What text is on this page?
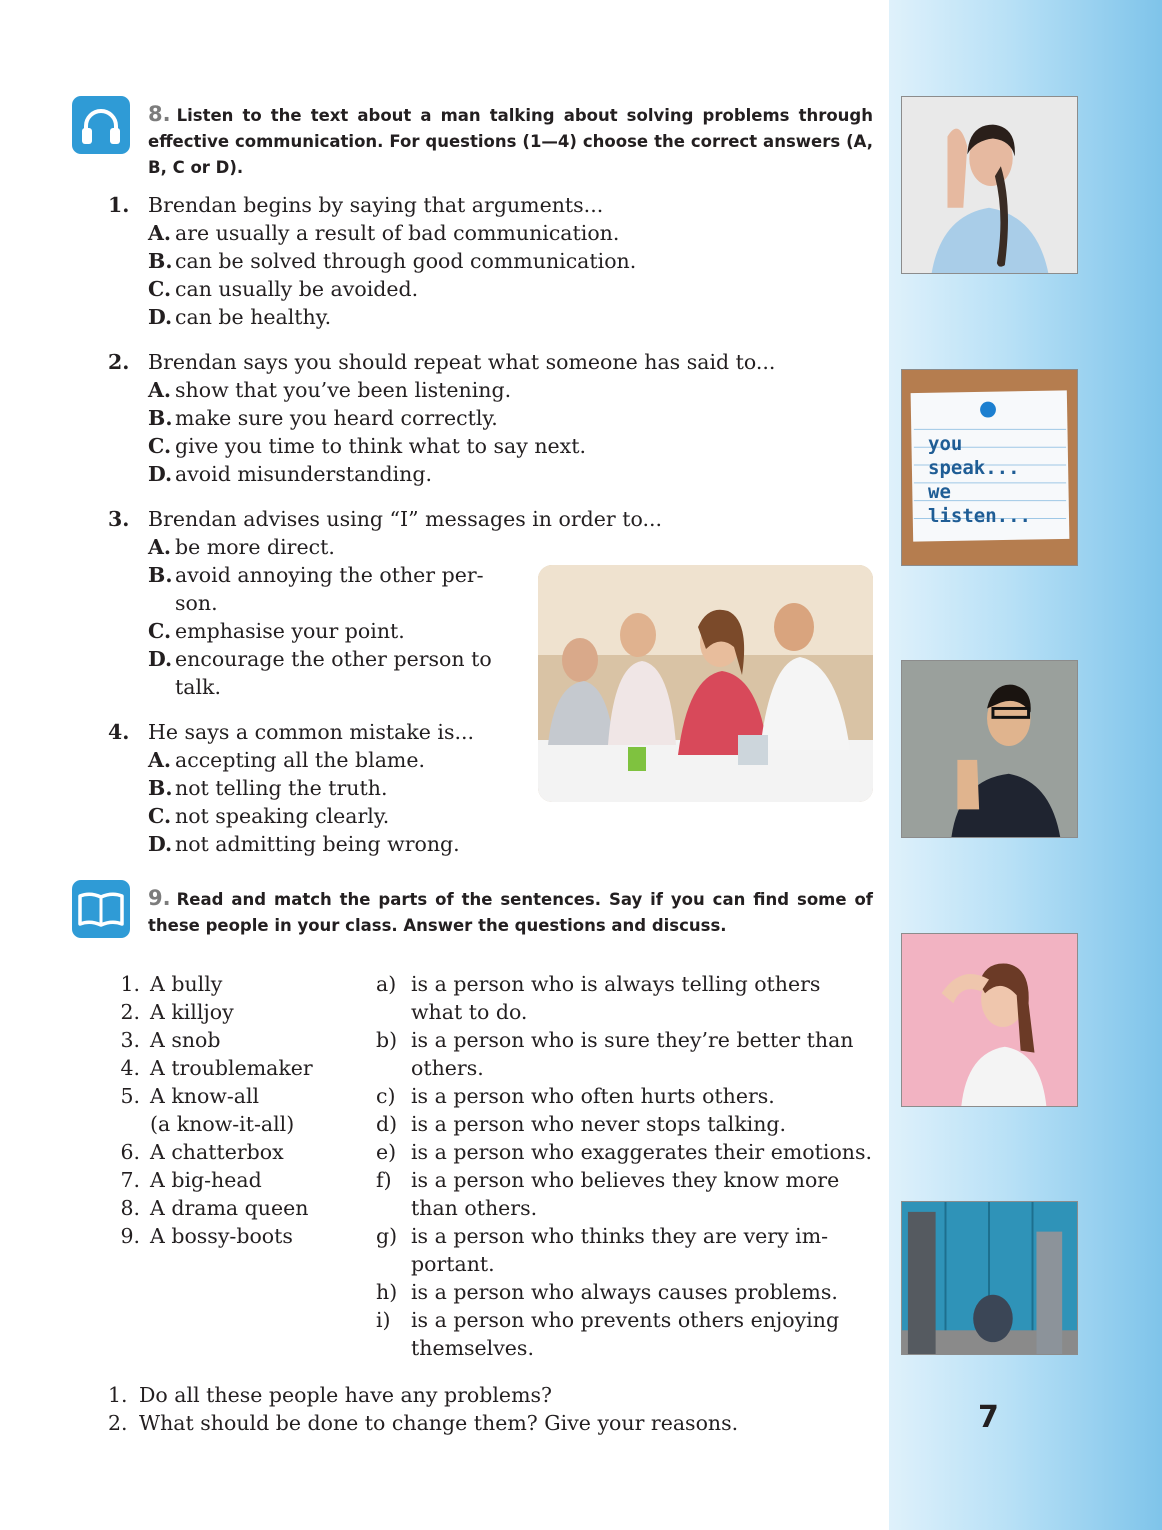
you
speak...
we
listen...
7
8. Listen to the text about a man talking about solving problems through effective communication. For questions (1—4) choose the correct answers (A, B, C or D).
1. Brendan begins by saying that arguments...
A. are usually a result of bad communication.
B. can be solved through good communication.
C. can usually be avoided.
D. can be healthy.
2. Brendan says you should repeat what someone has said to...
A. show that you’ve been listening.
B. make sure you heard correctly.
C. give you time to think what to say next.
D. avoid misunderstanding.
3. Brendan advises using “I” messages in order to...
A. be more direct.
B. avoid annoying the other per-
son.
C. emphasise your point.
D. encourage the other person to
talk.
4. He says a common mistake is...
A. accepting all the blame.
B. not telling the truth.
C. not speaking clearly.
D. not admitting being wrong.
9. Read and match the parts of the sentences. Say if you can find some of these people in your class. Answer the questions and discuss.
1. A bully
2. A killjoy
3. A snob
4. A troublemaker
5. A know-all
(a know-it-all)
6. A chatterbox
7. A big-head
8. A drama queen
9. A bossy-boots
a) is a person who is always telling others
what to do.
b) is a person who is sure they’re better than
others.
c) is a person who often hurts others.
d) is a person who never stops talking.
e) is a person who exaggerates their emotions.
f) is a person who believes they know more
than others.
g) is a person who thinks they are very im-
portant.
h) is a person who always causes problems.
i) is a person who prevents others enjoying
themselves.
1. Do all these people have any problems?
2. What should be done to change them? Give your reasons.
